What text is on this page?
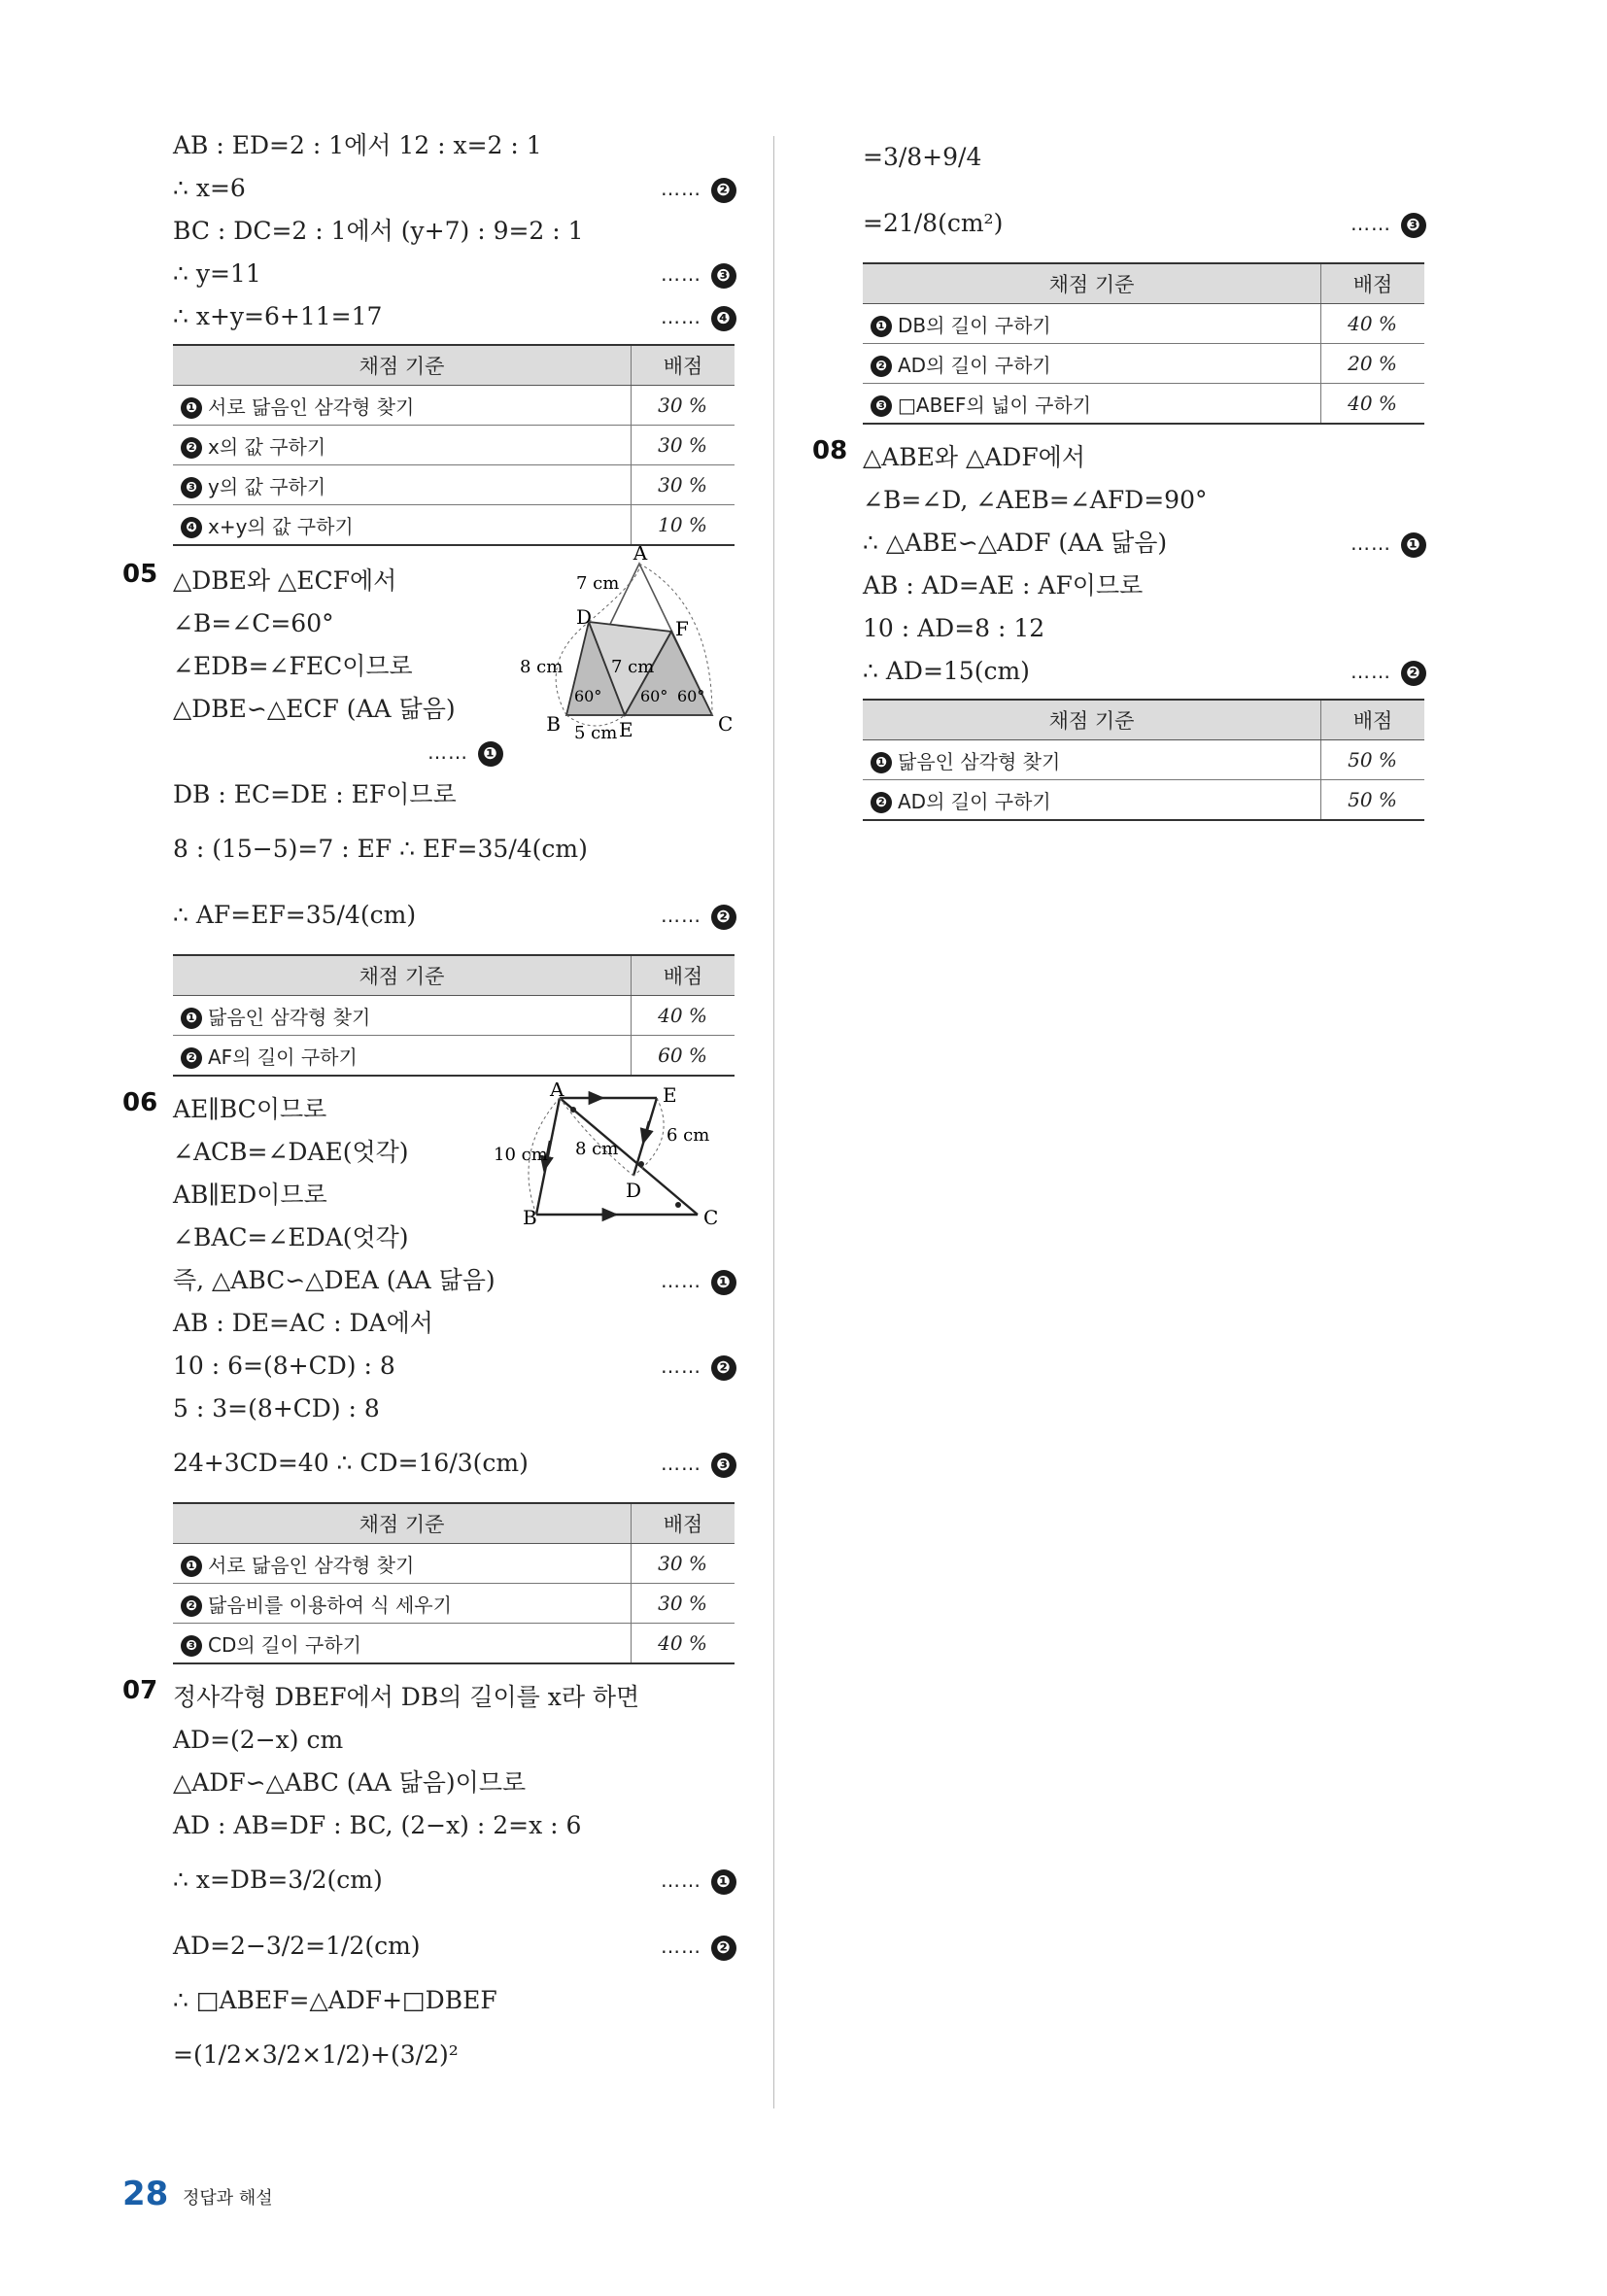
AB : ED=2 : 1에서 12 : x=2 : 1
∴ x=6	…… ❷
BC : DC=2 : 1에서 (y+7) : 9=2 : 1
∴ y=11	…… ❸
∴ x+y=6+11=17	…… ❹
채점 기준	배점
❶ 서로 닮음인 삼각형 찾기	30 %
❷ x의 값 구하기	30 %
❸ y의 값 구하기	30 %
❹ x+y의 값 구하기	10 %
05 △DBE와 △ECF에서
∠B=∠C=60°
∠EDB=∠FEC이므로
△DBE∽△ECF (AA 닮음)
…… ❶
A
B	C
D
E
F
7 cm
7 cm
8 cm
5 cm
60° 60° 60°
DB : EC=DE : EF이므로
8 : (15−5)=7 : EF ∴ EF=35/4(cm)
∴ AF=EF=35/4(cm)	…… ❷
채점 기준	배점
❶ 닮음인 삼각형 찾기	40 %
❷ AF의 길이 구하기	60 %
06 AE∥BC이므로
∠ACB=∠DAE(엇각)
AB∥ED이므로
∠BAC=∠EDA(엇각)
즉, △ABC∽△DEA (AA 닮음)	…… ❶
AB : DE=AC : DA에서
10 : 6=(8+CD) : 8	…… ❷
5 : 3=(8+CD) : 8
24+3CD=40 ∴ CD=16/3(cm)	…… ❸
A
B	C
D
E
10 cm 8 cm
6 cm
채점 기준	배점
❶ 서로 닮음인 삼각형 찾기	30 %
❷ 닮음비를 이용하여 식 세우기	30 %
❸ CD의 길이 구하기	40 %
07 정사각형 DBEF에서 DB의 길이를 x라 하면
AD=(2−x) cm
△ADF∽△ABC (AA 닮음)이므로
AD : AB=DF : BC, (2−x) : 2=x : 6
∴ x=DB=3/2(cm)	…… ❶
AD=2−3/2=1/2(cm)	…… ❷
∴ □ABEF=△ADF+□DBEF
=(1/2×3/2×1/2)+(3/2)²
=3/8+9/4
=21/8(cm²)	…… ❸
채점 기준	배점
❶ DB의 길이 구하기	40 %
❷ AD의 길이 구하기	20 %
❸ □ABEF의 넓이 구하기	40 %
08 △ABE와 △ADF에서
∠B=∠D, ∠AEB=∠AFD=90°
∴ △ABE∽△ADF (AA 닮음)	…… ❶
AB : AD=AE : AF이므로
10 : AD=8 : 12
∴ AD=15(cm)	…… ❷
채점 기준	배점
❶ 닮음인 삼각형 찾기	50 %
❷ AD의 길이 구하기	50 %
28 정답과 해설
